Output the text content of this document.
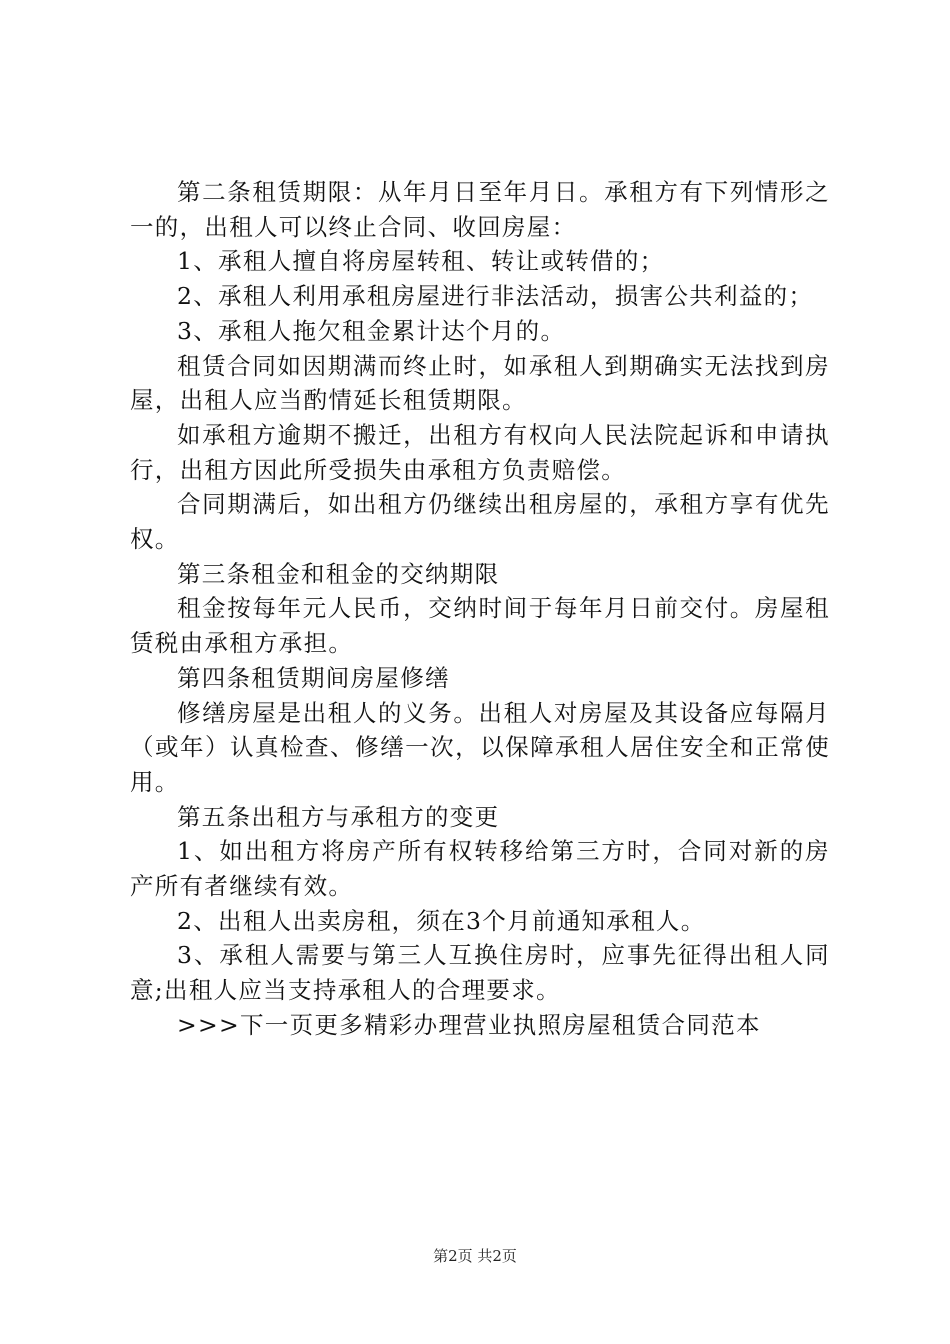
第二条租赁期限：从年月日至年月日。承租方有下列情形之一的，出租人可以终止合同、收回房屋：

1、承租人擅自将房屋转租、转让或转借的；

2、承租人利用承租房屋进行非法活动，损害公共利益的；

3、承租人拖欠租金累计达个月的。

租赁合同如因期满而终止时，如承租人到期确实无法找到房屋，出租人应当酌情延长租赁期限。

如承租方逾期不搬迁，出租方有权向人民法院起诉和申请执行，出租方因此所受损失由承租方负责赔偿。

合同期满后，如出租方仍继续出租房屋的，承租方享有优先权。

第三条租金和租金的交纳期限

租金按每年元人民币，交纳时间于每年月日前交付。房屋租赁税由承租方承担。

第四条租赁期间房屋修缮

修缮房屋是出租人的义务。出租人对房屋及其设备应每隔月（或年）认真检查、修缮一次，以保障承租人居住安全和正常使用。

第五条出租方与承租方的变更

1、如出租方将房产所有权转移给第三方时，合同对新的房产所有者继续有效。

2、出租人出卖房租，须在3个月前通知承租人。

3、承租人需要与第三人互换住房时，应事先征得出租人同意;出租人应当支持承租人的合理要求。

>>>下一页更多精彩办理营业执照房屋租赁合同范本

第2页 共2页
